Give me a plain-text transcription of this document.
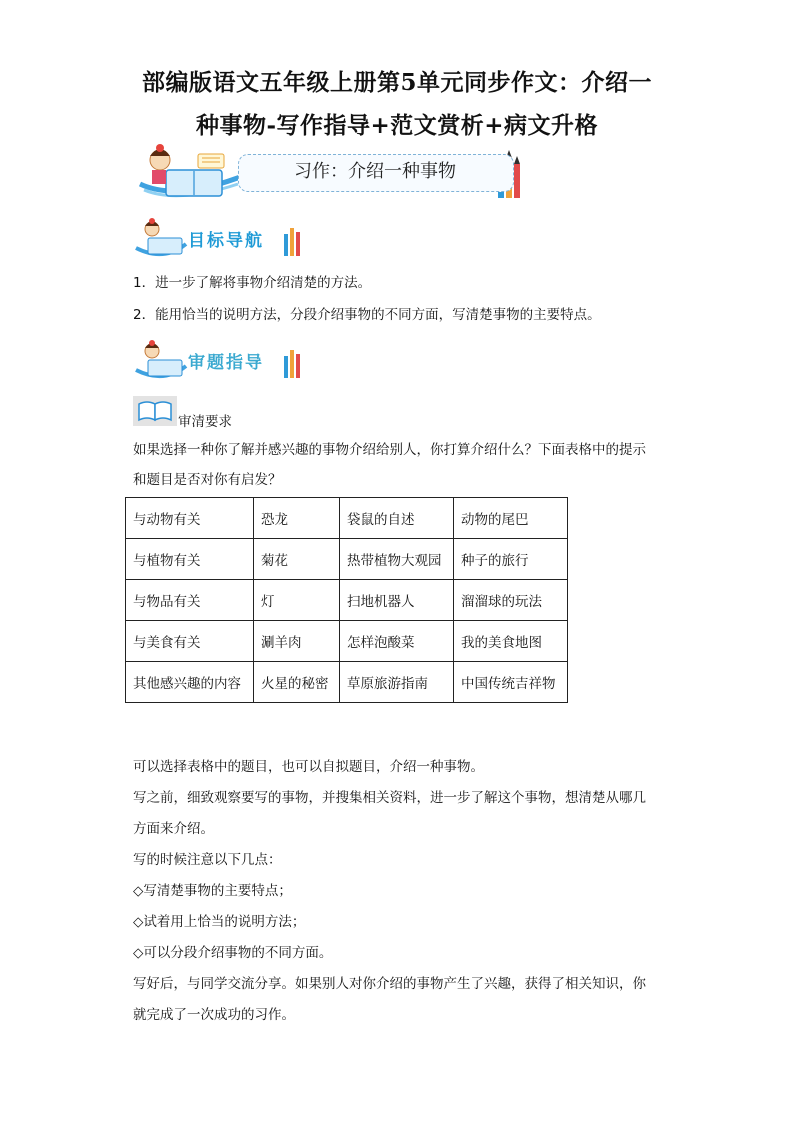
部编版语文五年级上册第5单元同步作文：介绍一
种事物-写作指导+范文赏析+病文升格
习作：介绍一种事物
目标导航
1．进一步了解将事物介绍清楚的方法。
2．能用恰当的说明方法，分段介绍事物的不同方面，写清楚事物的主要特点。
审题指导
审清要求
如果选择一种你了解并感兴趣的事物介绍给别人，你打算介绍什么？下面表格中的提示
和题目是否对你有启发？
与动物有关	恐龙	袋鼠的自述	动物的尾巴
与植物有关	菊花	热带植物大观园	种子的旅行
与物品有关	灯	扫地机器人	溜溜球的玩法
与美食有关	涮羊肉	怎样泡酸菜	我的美食地图
其他感兴趣的内容	火星的秘密	草原旅游指南	中国传统吉祥物
可以选择表格中的题目，也可以自拟题目，介绍一种事物。
写之前，细致观察要写的事物，并搜集相关资料，进一步了解这个事物，想清楚从哪几
方面来介绍。
写的时候注意以下几点：
◇写清楚事物的主要特点；
◇试着用上恰当的说明方法；
◇可以分段介绍事物的不同方面。
写好后，与同学交流分享。如果别人对你介绍的事物产生了兴趣，获得了相关知识，你
就完成了一次成功的习作。
